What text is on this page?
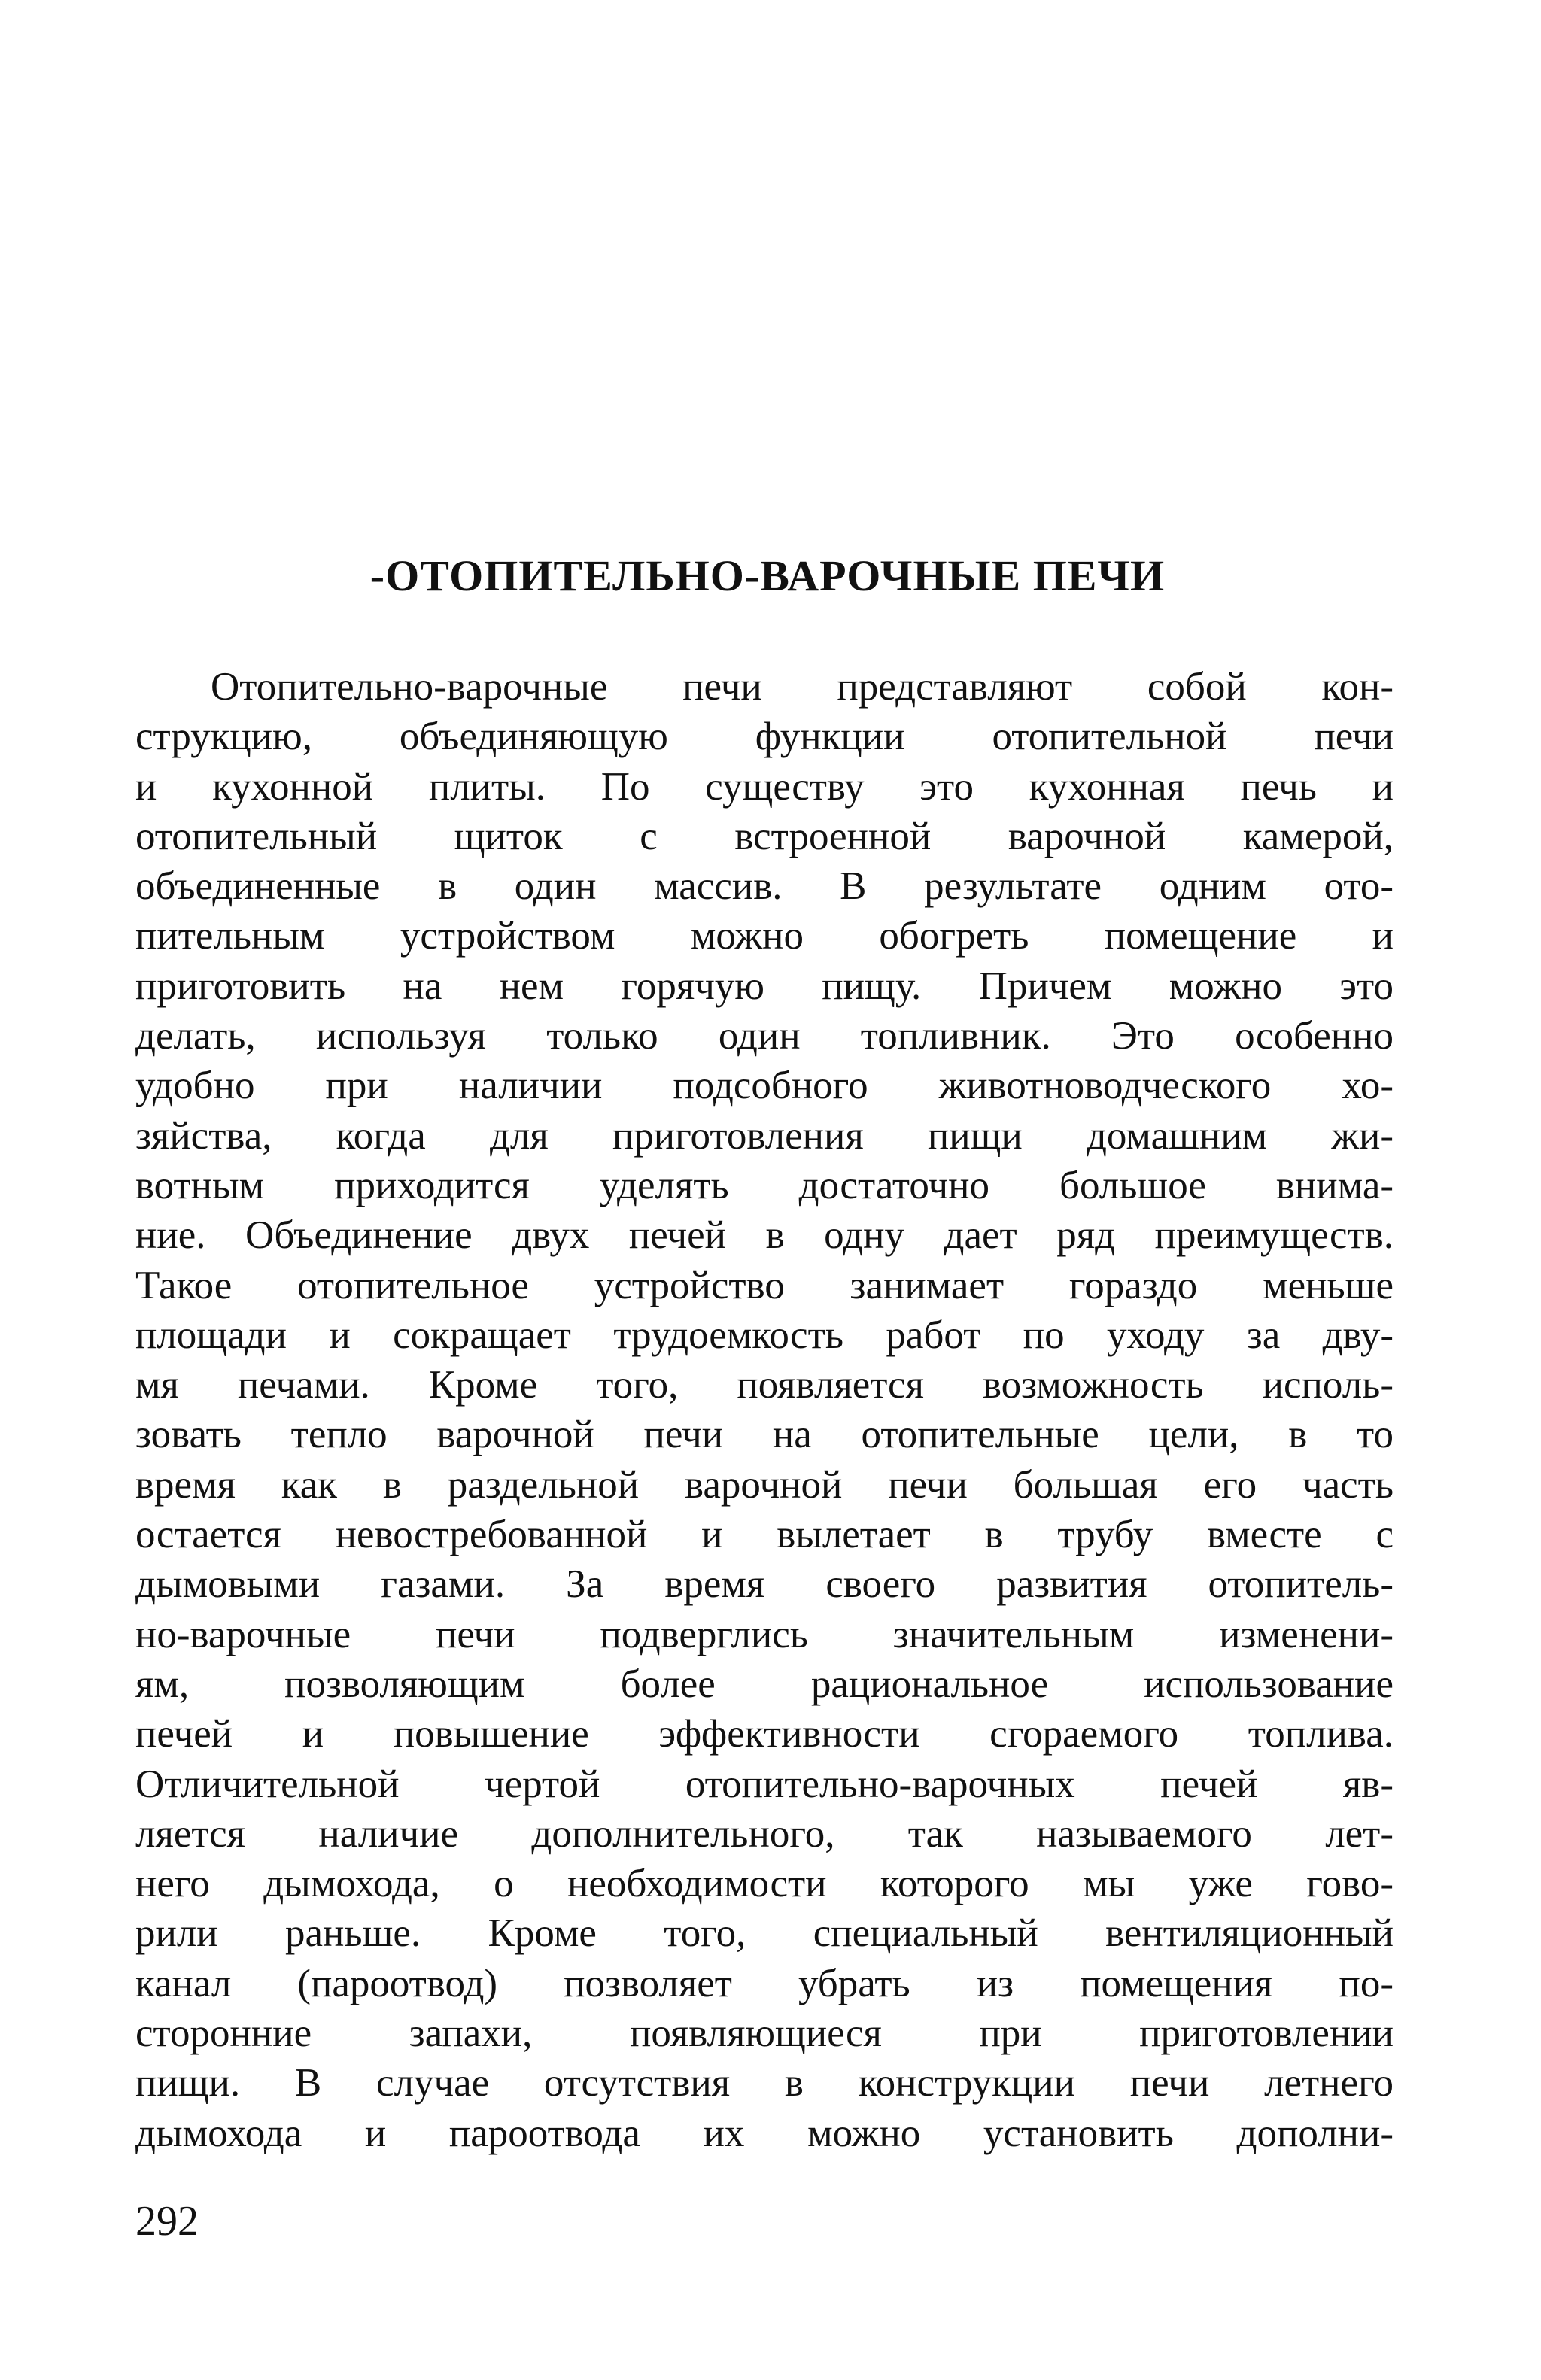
-ОТОПИТЕЛЬНО-ВАРОЧНЫЕ ПЕЧИ
Отопительно-варочные печи представляют собой кон-
струкцию, объединяющую функции отопительной печи
и кухонной плиты. По существу это кухонная печь и
отопительный щиток с встроенной варочной камерой,
объединенные в один массив. В результате одним ото-
пительным устройством можно обогреть помещение и
приготовить на нем горячую пищу. Причем можно это
делать, используя только один топливник. Это особенно
удобно при наличии подсобного животноводческого хо-
зяйства, когда для приготовления пищи домашним жи-
вотным приходится уделять достаточно большое внима-
ние. Объединение двух печей в одну дает ряд преимуществ.
Такое отопительное устройство занимает гораздо меньше
площади и сокращает трудоемкость работ по уходу за дву-
мя печами. Кроме того, появляется возможность исполь-
зовать тепло варочной печи на отопительные цели, в то
время как в раздельной варочной печи большая его часть
остается невостребованной и вылетает в трубу вместе с
дымовыми газами. За время своего развития отопитель-
но-варочные печи подверглись значительным изменени-
ям, позволяющим более рациональное использование
печей и повышение эффективности сгораемого топлива.
Отличительной чертой отопительно-варочных печей яв-
ляется наличие дополнительного, так называемого лет-
него дымохода, о необходимости которого мы уже гово-
рили раньше. Кроме того, специальный вентиляционный
канал (пароотвод) позволяет убрать из помещения по-
сторонние запахи, появляющиеся при приготовлении
пищи. В случае отсутствия в конструкции печи летнего
дымохода и пароотвода их можно установить дополни-
292
